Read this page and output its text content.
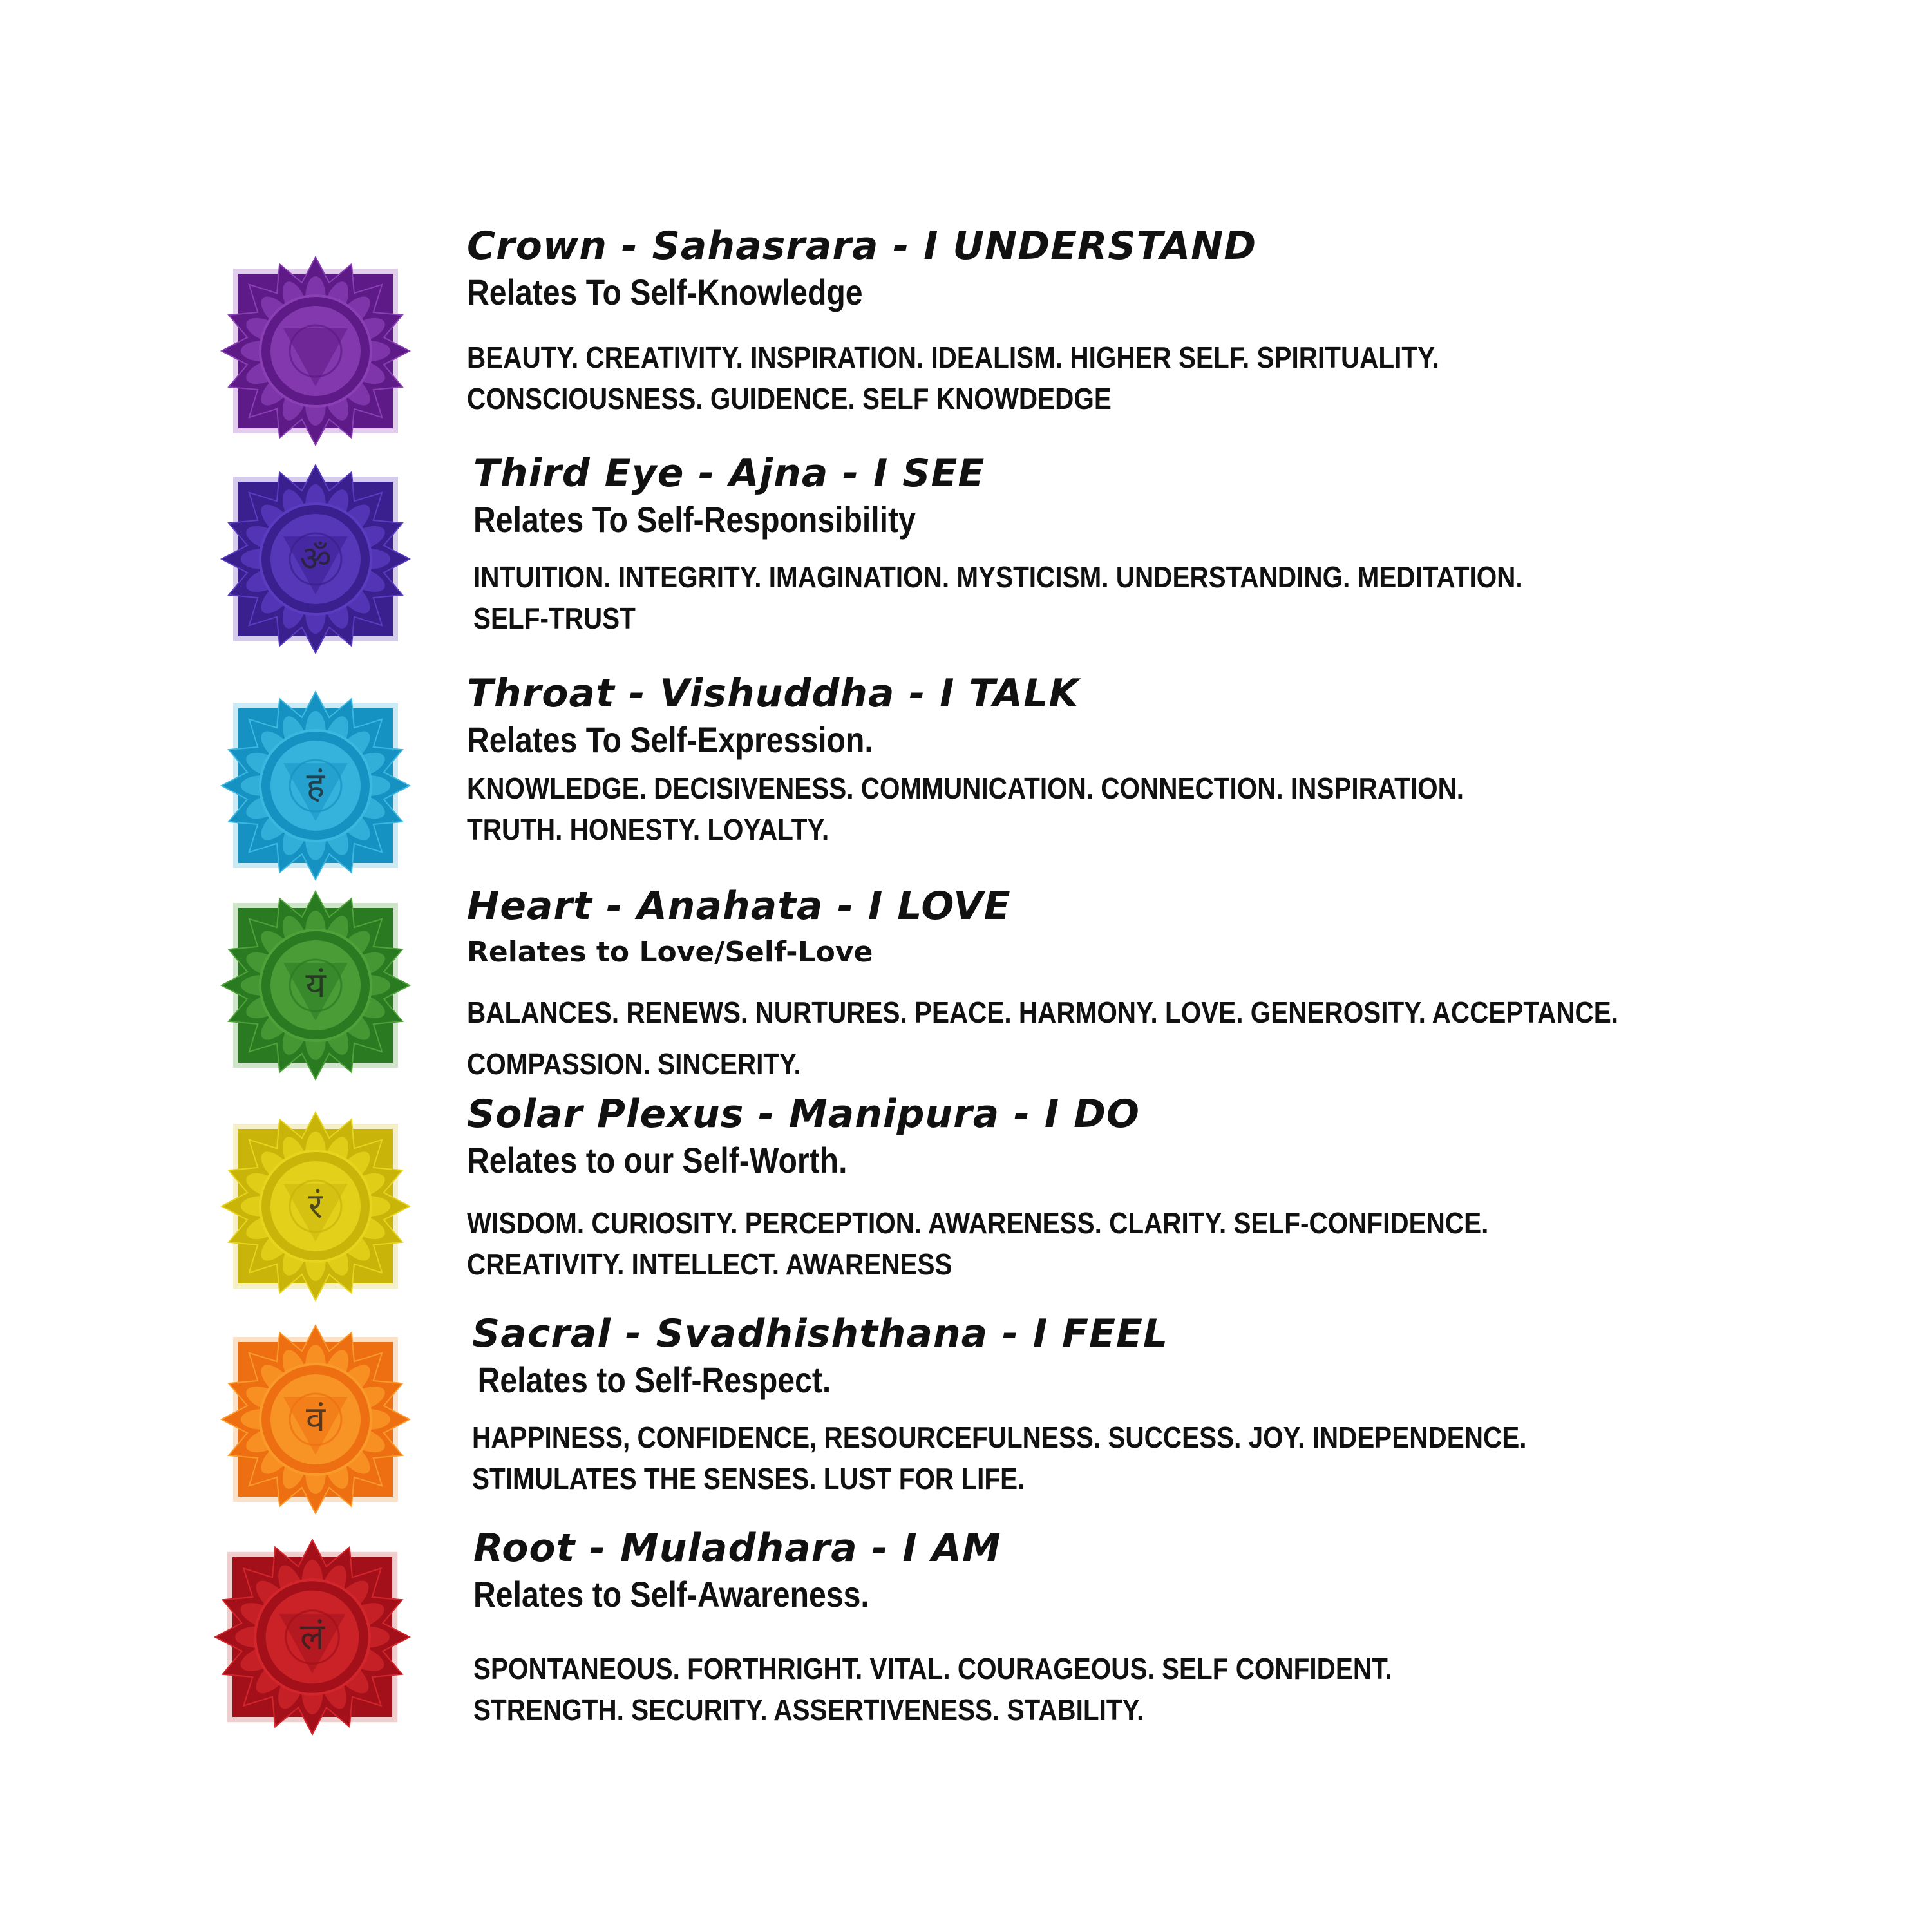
Crown - Sahasrara - I UNDERSTAND
Relates To Self-Knowledge
BEAUTY. CREATIVITY. INSPIRATION. IDEALISM. HIGHER SELF. SPIRITUALITY.
CONSCIOUSNESS. GUIDENCE. SELF KNOWDEDGE
ॐ
Third Eye - Ajna - I SEE
Relates To Self-Responsibility
INTUITION. INTEGRITY. IMAGINATION. MYSTICISM. UNDERSTANDING. MEDITATION.
SELF-TRUST
हं
Throat - Vishuddha - I TALK
Relates To Self-Expression.
KNOWLEDGE. DECISIVENESS. COMMUNICATION. CONNECTION. INSPIRATION.
TRUTH. HONESTY. LOYALTY.
यं
Heart - Anahata - I LOVE
Relates to Love/Self-Love
BALANCES. RENEWS. NURTURES. PEACE. HARMONY. LOVE. GENEROSITY. ACCEPTANCE.
COMPASSION. SINCERITY.
रं
Solar Plexus - Manipura - I DO
Relates to our Self-Worth.
WISDOM. CURIOSITY. PERCEPTION. AWARENESS. CLARITY. SELF-CONFIDENCE.
CREATIVITY. INTELLECT. AWARENESS
वं
Sacral - Svadhishthana - I FEEL
Relates to Self-Respect.
HAPPINESS, CONFIDENCE, RESOURCEFULNESS. SUCCESS. JOY. INDEPENDENCE.
STIMULATES THE SENSES. LUST FOR LIFE.
लं
Root - Muladhara - I AM
Relates to Self-Awareness.
SPONTANEOUS. FORTHRIGHT. VITAL. COURAGEOUS. SELF CONFIDENT.
STRENGTH. SECURITY. ASSERTIVENESS. STABILITY.
